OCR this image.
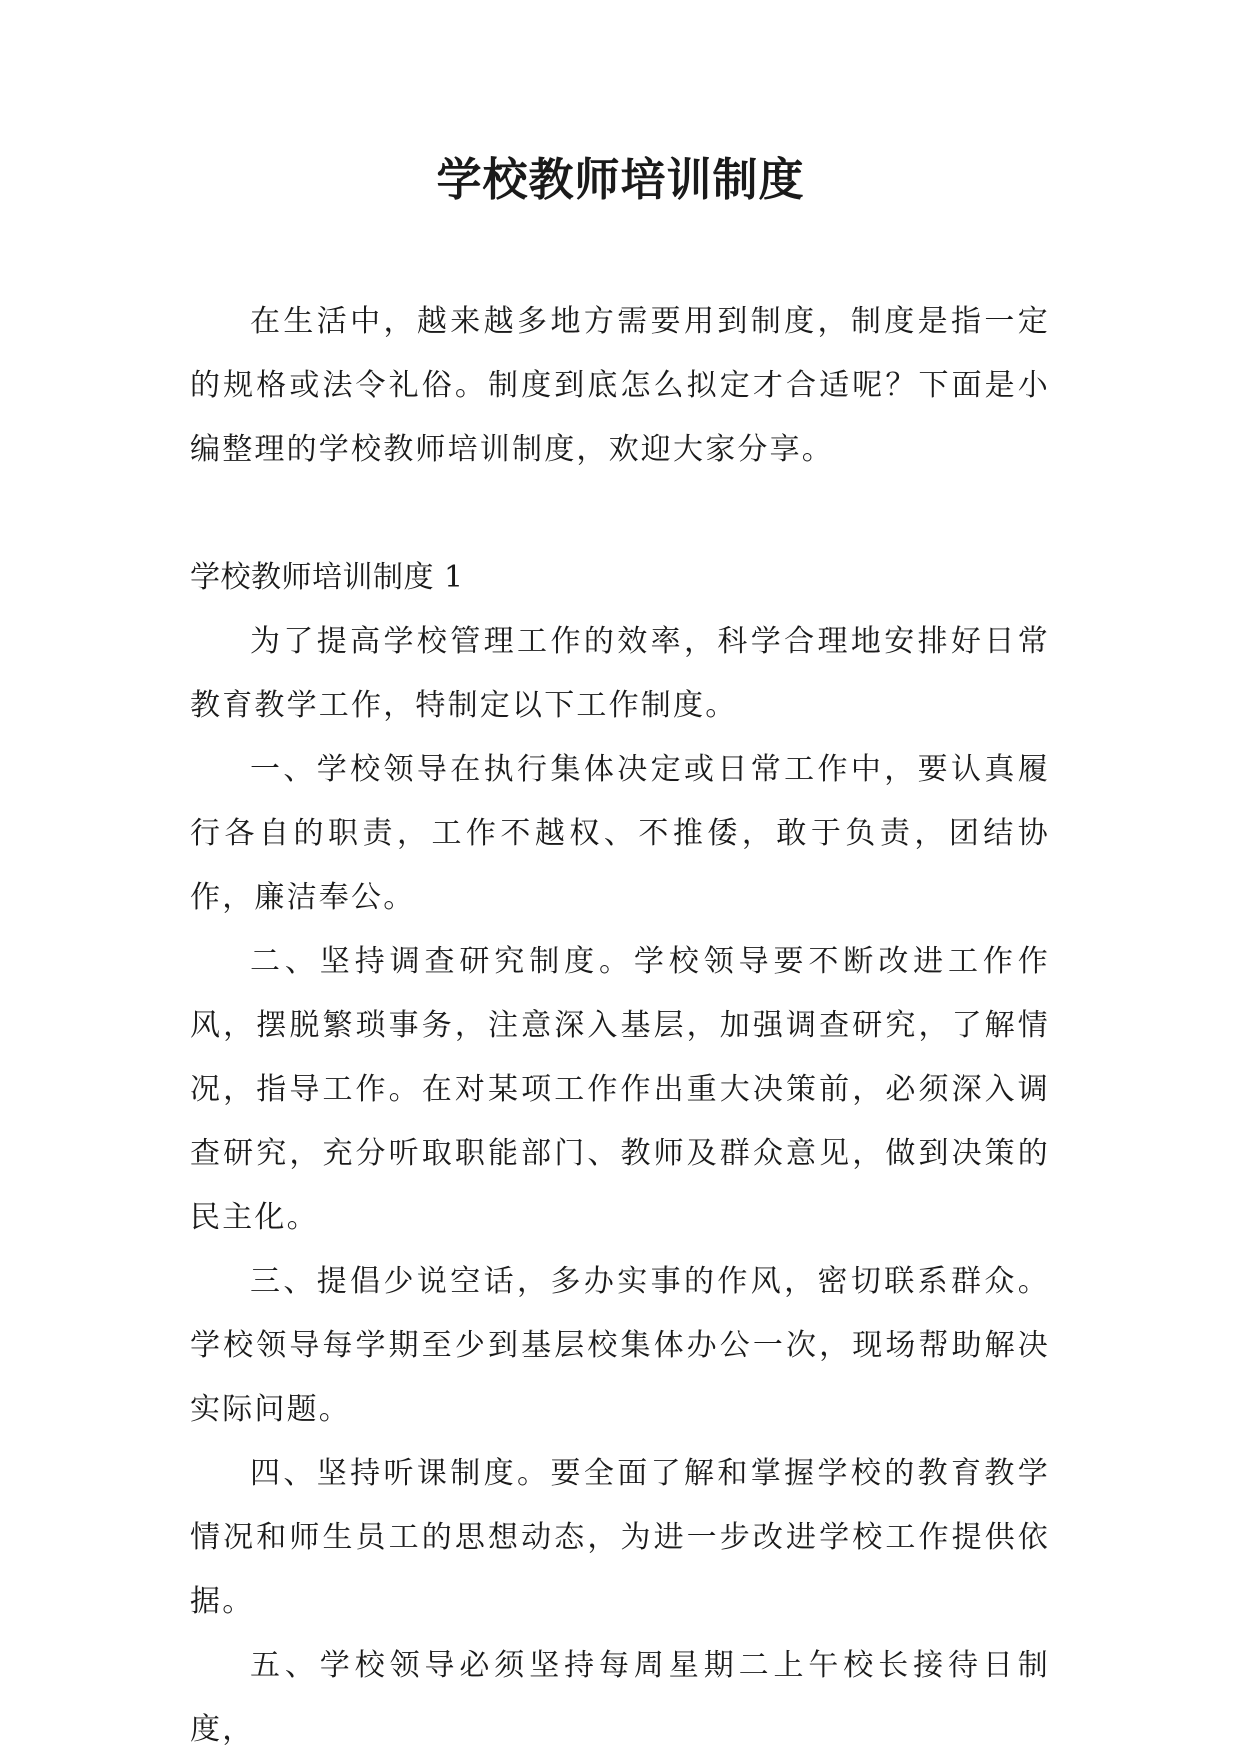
学校教师培训制度

在生活中，越来越多地方需要用到制度，制度是指一定的规格或法令礼俗。制度到底怎么拟定才合适呢？下面是小编整理的学校教师培训制度，欢迎大家分享。

学校教师培训制度 1

为了提高学校管理工作的效率，科学合理地安排好日常教育教学工作，特制定以下工作制度。

一、学校领导在执行集体决定或日常工作中，要认真履行各自的职责，工作不越权、不推倭，敢于负责，团结协作，廉洁奉公。

二、坚持调查研究制度。学校领导要不断改进工作作风，摆脱繁琐事务，注意深入基层，加强调查研究，了解情况，指导工作。在对某项工作作出重大决策前，必须深入调查研究，充分听取职能部门、教师及群众意见，做到决策的民主化。

三、提倡少说空话，多办实事的作风，密切联系群众。学校领导每学期至少到基层校集体办公一次，现场帮助解决实际问题。

四、坚持听课制度。要全面了解和掌握学校的教育教学情况和师生员工的思想动态，为进一步改进学校工作提供依据。

五、学校领导必须坚持每周星期二上午校长接待日制度，
